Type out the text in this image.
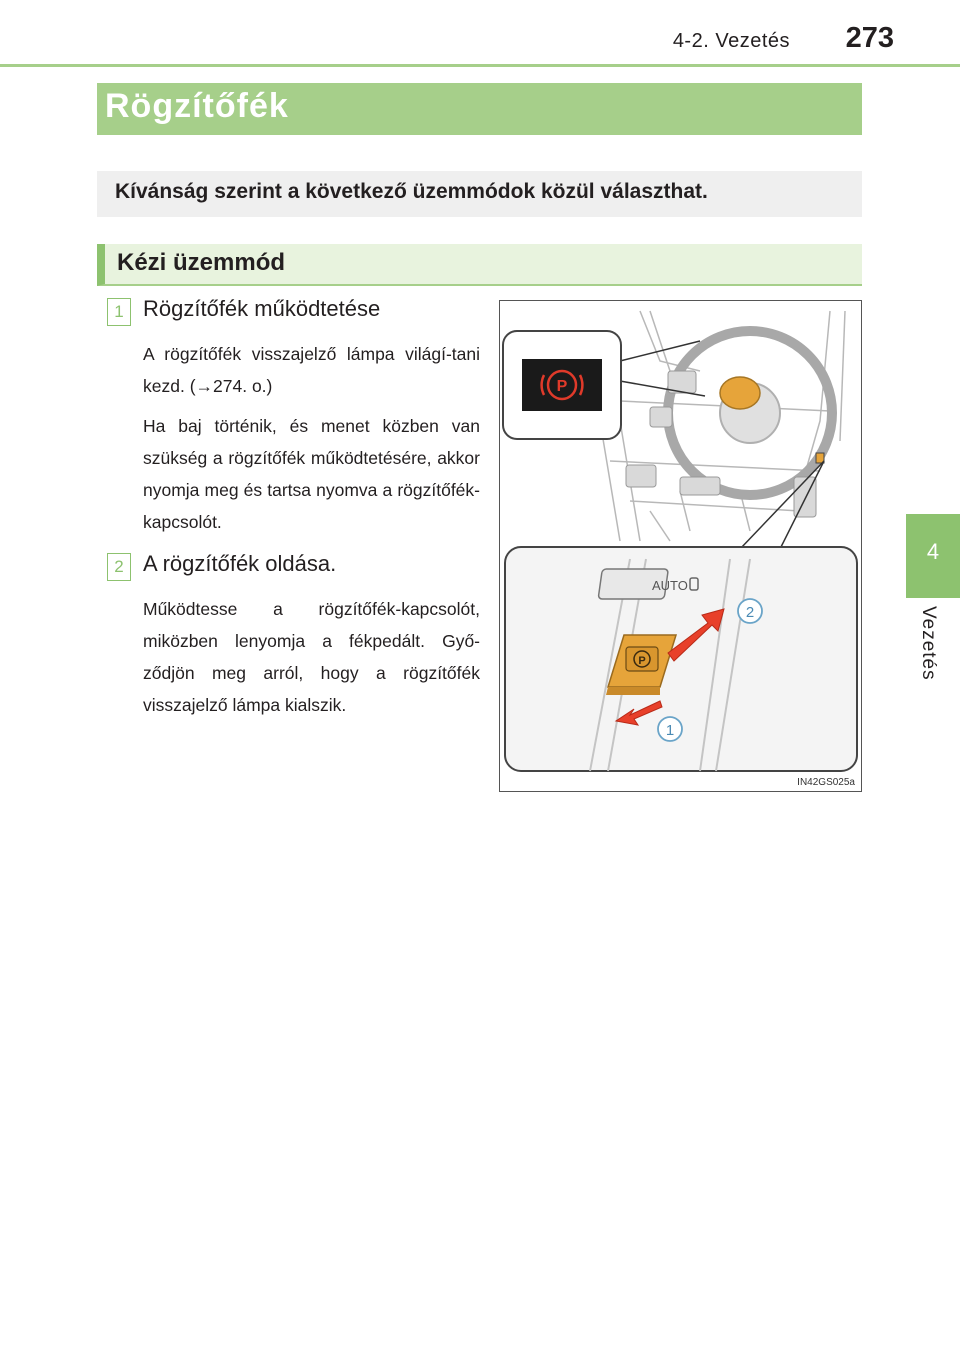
4-2. Vezetés 273
4
Vezetés
Rögzítőfék
Kívánság szerint a következő üzemmódok közül választhat.
Kézi üzemmód
1 Rögzítőfék működtetése

A rögzítőfék visszajelző lámpa világí-tani kezd. (→274. o.)

Ha baj történik, és menet közben van szükség a rögzítőfék működtetésére, akkor nyomja meg és tartsa nyomva a rögzítőfék-kapcsolót.

2 A rögzítőfék oldása.

Működtesse a rögzítőfék-kapcsolót, miközben lenyomja a fékpedált. Győ-ződjön meg arról, hogy a rögzítőfék visszajelző lámpa kialszik.

P
AUTO
P
2
1
IN42GS025a
